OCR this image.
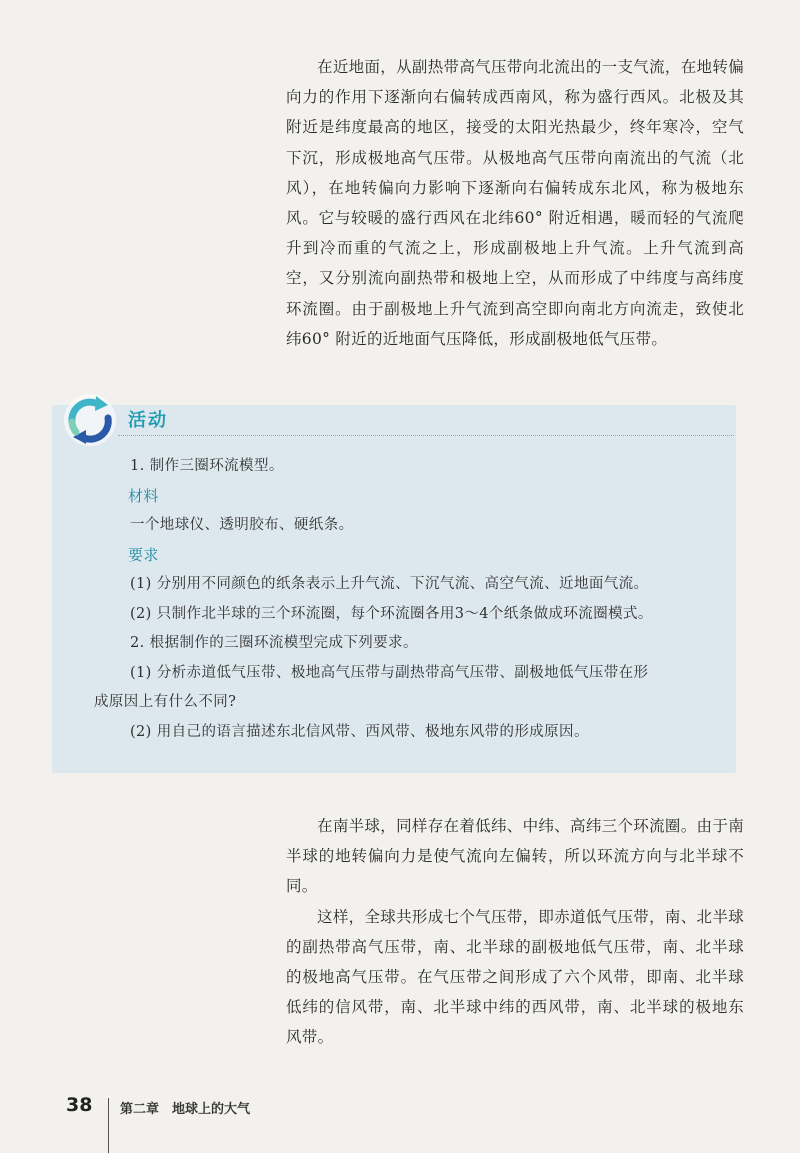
在近地面，从副热带高气压带向北流出的一支气流，在地转偏向力的作用下逐渐向右偏转成西南风，称为盛行西风。北极及其附近是纬度最高的地区，接受的太阳光热最少，终年寒冷，空气下沉，形成极地高气压带。从极地高气压带向南流出的气流（北风），在地转偏向力影响下逐渐向右偏转成东北风，称为极地东风。它与较暖的盛行西风在北纬60° 附近相遇，暖而轻的气流爬升到冷而重的气流之上，形成副极地上升气流。上升气流到高空，又分别流向副热带和极地上空，从而形成了中纬度与高纬度环流圈。由于副极地上升气流到高空即向南北方向流走，致使北纬60° 附近的近地面气压降低，形成副极地低气压带。

活动
1. 制作三圈环流模型。
材料
一个地球仪、透明胶布、硬纸条。
要求
(1) 分别用不同颜色的纸条表示上升气流、下沉气流、高空气流、近地面气流。
(2) 只制作北半球的三个环流圈，每个环流圈各用3～4个纸条做成环流圈模式。
2. 根据制作的三圈环流模型完成下列要求。
(1) 分析赤道低气压带、极地高气压带与副热带高气压带、副极地低气压带在形
成原因上有什么不同?
(2) 用自己的语言描述东北信风带、西风带、极地东风带的形成原因。

在南半球，同样存在着低纬、中纬、高纬三个环流圈。由于南半球的地转偏向力是使气流向左偏转，所以环流方向与北半球不同。

这样，全球共形成七个气压带，即赤道低气压带，南、北半球的副热带高气压带，南、北半球的副极地低气压带，南、北半球的极地高气压带。在气压带之间形成了六个风带，即南、北半球低纬的信风带，南、北半球中纬的西风带，南、北半球的极地东风带。

38 第二章　地球上的大气
